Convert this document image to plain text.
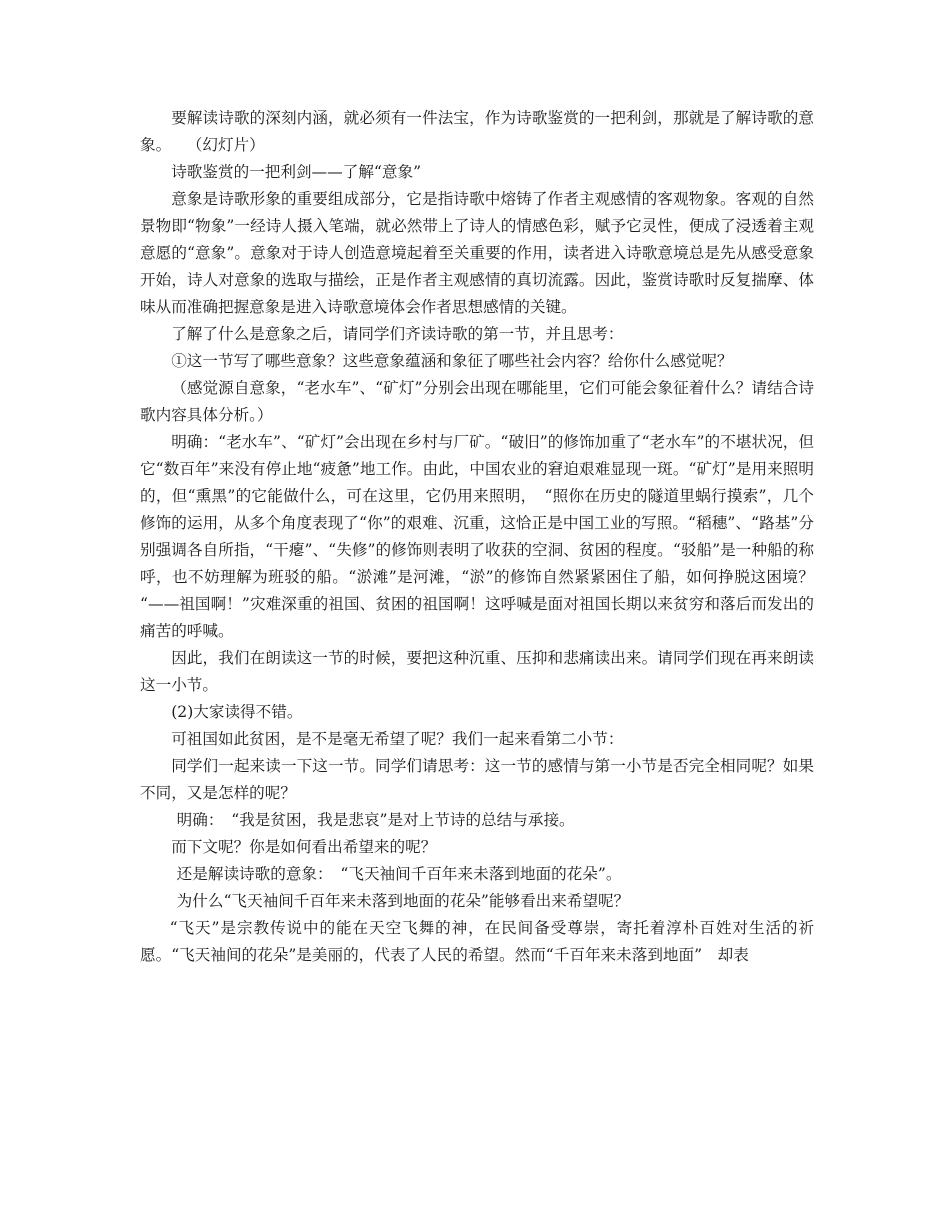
要解读诗歌的深刻内涵，就必须有一件法宝，作为诗歌鉴赏的一把利剑，那就是了解诗歌的意象。　　（幻灯片）

诗歌鉴赏的一把利剑——了解“意象”

意象是诗歌形象的重要组成部分，它是指诗歌中熔铸了作者主观感情的客观物象。客观的自然景物即“物象”一经诗人摄入笔端，就必然带上了诗人的情感色彩，赋予它灵性，便成了浸透着主观意愿的“意象”。意象对于诗人创造意境起着至关重要的作用，读者进入诗歌意境总是先从感受意象开始，诗人对意象的选取与描绘，正是作者主观感情的真切流露。因此，鉴赏诗歌时反复揣摩、体味从而准确把握意象是进入诗歌意境体会作者思想感情的关键。

了解了什么是意象之后，请同学们齐读诗歌的第一节，并且思考：

①这一节写了哪些意象？这些意象蕴涵和象征了哪些社会内容？给你什么感觉呢？

（感觉源自意象，“老水车”、“矿灯”分别会出现在哪能里，它们可能会象征着什么？请结合诗歌内容具体分析。）

明确：“老水车”、“矿灯”会出现在乡村与厂矿。“破旧”的修饰加重了“老水车”的不堪状况，但它“数百年”来没有停止地“疲惫”地工作。由此，中国农业的窘迫艰难显现一斑。“矿灯”是用来照明的，但“熏黑”的它能做什么，可在这里，它仍用来照明，　“照你在历史的隧道里蜗行摸索”，几个修饰的运用，从多个角度表现了“你”的艰难、沉重，这恰正是中国工业的写照。“稻穗”、“路基”分别强调各自所指，“干瘪”、“失修”的修饰则表明了收获的空洞、贫困的程度。“驳船”是一种船的称呼，也不妨理解为班驳的船。“淤滩”是河滩，“淤”的修饰自然紧紧困住了船，如何挣脱这困境？　“——祖国啊！”灾难深重的祖国、贫困的祖国啊！这呼喊是面对祖国长期以来贫穷和落后而发出的痛苦的呼喊。

因此，我们在朗读这一节的时候，要把这种沉重、压抑和悲痛读出来。请同学们现在再来朗读这一小节。

(2)大家读得不错。

可祖国如此贫困，是不是毫无希望了呢？我们一起来看第二小节：

同学们一起来读一下这一节。同学们请思考：这一节的感情与第一小节是否完全相同呢？如果不同，又是怎样的呢？

明确：　“我是贫困，我是悲哀”是对上节诗的总结与承接。

而下文呢？你是如何看出希望来的呢？

还是解读诗歌的意象：　“飞天袖间千百年来未落到地面的花朵”。

为什么“飞天袖间千百年来未落到地面的花朵”能够看出来希望呢？

“飞天”是宗教传说中的能在天空飞舞的神，在民间备受尊崇，寄托着淳朴百姓对生活的祈愿。“飞天袖间的花朵”是美丽的，代表了人民的希望。然而“千百年来未落到地面”　却表
